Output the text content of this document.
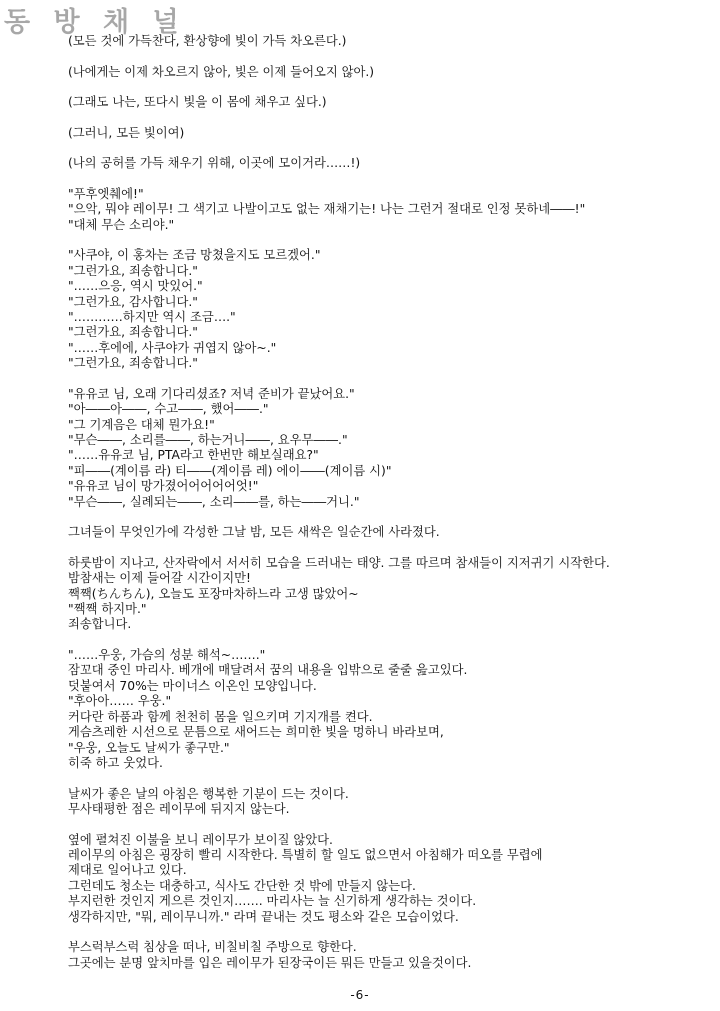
동 방 채 널
(모든 것에 가득찬다, 환상향에 빛이 가득 차오른다.)
(나에게는 이제 차오르지 않아, 빛은 이제 들어오지 않아.)
(그래도 나는, 또다시 빛을 이 몸에 채우고 싶다.)
(그러니, 모든 빛이여)
(나의 공허를 가득 채우기 위해, 이곳에 모이거라……!)
"푸후엣췌에!"
"으악, 뭐야 레이무! 그 색기고 나발이고도 없는 재채기는! 나는 그런거 절대로 인정 못하네――!"
"대체 무슨 소리야."
"사쿠야, 이 홍차는 조금 망쳤을지도 모르겠어."
"그런가요, 죄송합니다."
"……으응, 역시 맛있어."
"그런가요, 감사합니다."
"…………하지만 역시 조금…."
"그런가요, 죄송합니다."
"……후에에, 사쿠야가 귀엽지 않아~."
"그런가요, 죄송합니다."
"유유코 님, 오래 기다리셨죠? 저녁 준비가 끝났어요."
"아――아――, 수고――, 했어――."
"그 기계음은 대체 뭔가요!"
"무슨――, 소리를――, 하는거니――, 요우무――."
"……유유코 님, PTA라고 한번만 해보실래요?"
"피――(계이름 라) 티――(계이름 레) 에이――(계이름 시)"
"유유코 님이 망가졌어어어어어엇!"
"무슨――, 실례되는――, 소리――를, 하는――거니."
그녀들이 무엇인가에 각성한 그날 밤, 모든 새싹은 일순간에 사라졌다.
하룻밤이 지나고, 산자락에서 서서히 모습을 드러내는 태양. 그를 따르며 참새들이 지저귀기 시작한다.
밤참새는 이제 들어갈 시간이지만!
짹짹(ちんちん), 오늘도 포장마차하느라 고생 많았어~
"짹짹 하지마."
죄송합니다.
"……우웅, 가슴의 성분 해석~……."
잠꼬대 중인 마리사. 베개에 매달려서 꿈의 내용을 입밖으로 줄줄 읊고있다.
덧붙여서 70%는 마이너스 이온인 모양입니다.
"후아아…… 우웅."
커다란 하품과 함께 천천히 몸을 일으키며 기지개를 켠다.
게슴츠레한 시선으로 문틈으로 새어드는 희미한 빛을 멍하니 바라보며,
"우웅, 오늘도 날씨가 좋구만."
히죽 하고 웃었다.
날씨가 좋은 날의 아침은 행복한 기분이 드는 것이다.
무사태평한 점은 레이무에 뒤지지 않는다.
옆에 펼쳐진 이불을 보니 레이무가 보이질 않았다.
레이무의 아침은 굉장히 빨리 시작한다. 특별히 할 일도 없으면서 아침해가 떠오를 무렵에
제대로 일어나고 있다.
그런데도 청소는 대충하고, 식사도 간단한 것 밖에 만들지 않는다.
부지런한 것인지 게으른 것인지……. 마리사는 늘 신기하게 생각하는 것이다.
생각하지만, "뭐, 레이무니까." 라며 끝내는 것도 평소와 같은 모습이었다.
부스럭부스럭 침상을 떠나, 비칠비칠 주방으로 향한다.
그곳에는 분명 앞치마를 입은 레이무가 된장국이든 뭐든 만들고 있을것이다.
-6-
